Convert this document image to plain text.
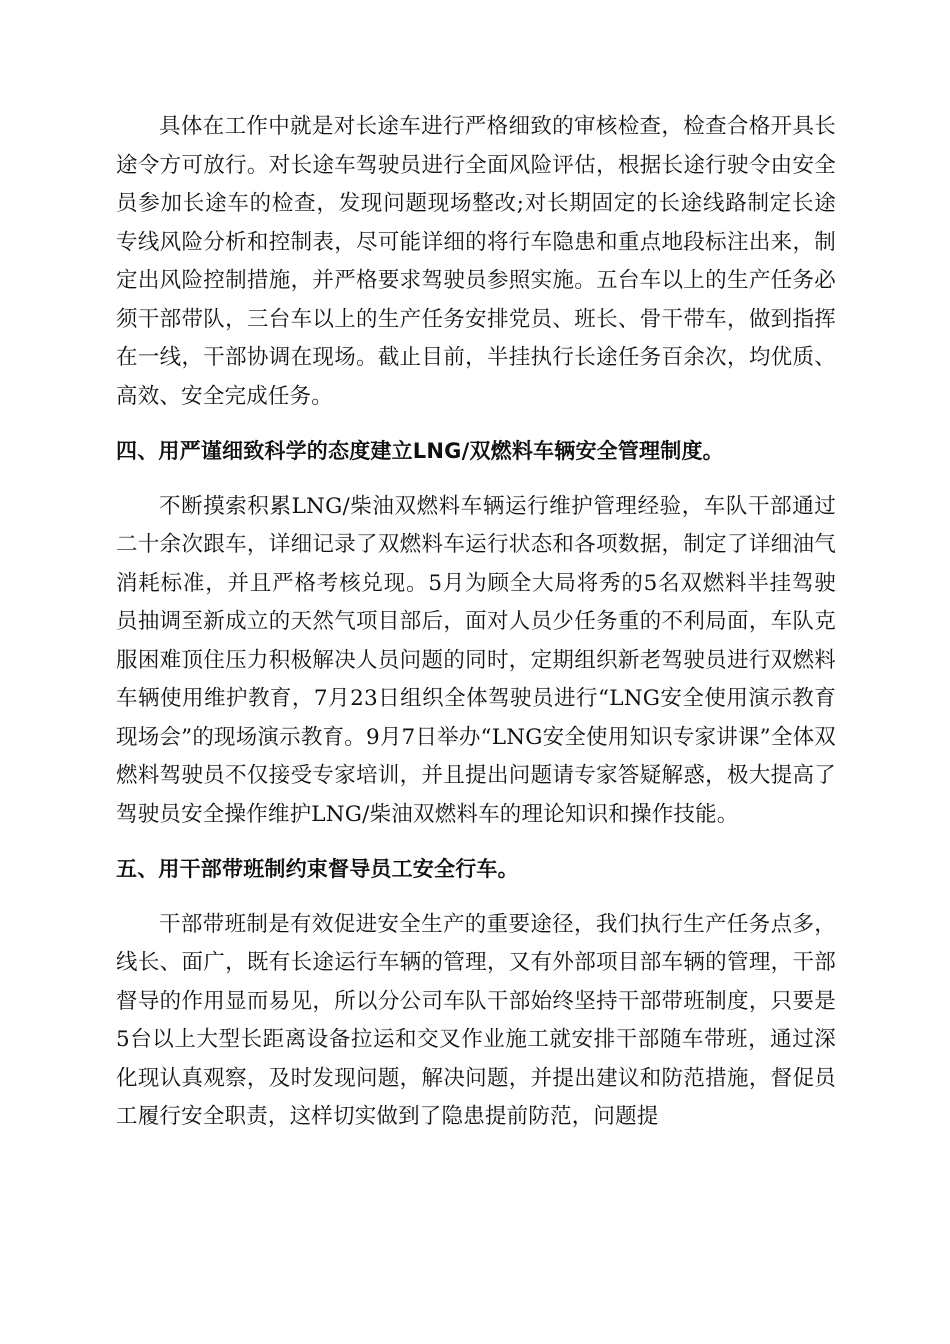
具体在工作中就是对长途车进行严格细致的审核检查，检查合格开具长途令方可放行。对长途车驾驶员进行全面风险评估，根据长途行驶令由安全员参加长途车的检查，发现问题现场整改;对长期固定的长途线路制定长途专线风险分析和控制表，尽可能详细的将行车隐患和重点地段标注出来，制定出风险控制措施，并严格要求驾驶员参照实施。五台车以上的生产任务必须干部带队，三台车以上的生产任务安排党员、班长、骨干带车，做到指挥在一线，干部协调在现场。截止目前，半挂执行长途任务百余次，均优质、高效、安全完成任务。

四、用严谨细致科学的态度建立LNG/双燃料车辆安全管理制度。

不断摸索积累LNG/柴油双燃料车辆运行维护管理经验，车队干部通过二十余次跟车，详细记录了双燃料车运行状态和各项数据，制定了详细油气消耗标准，并且严格考核兑现。5月为顾全大局将秀的5名双燃料半挂驾驶员抽调至新成立的天然气项目部后，面对人员少任务重的不利局面，车队克服困难顶住压力积极解决人员问题的同时，定期组织新老驾驶员进行双燃料车辆使用维护教育，7月23日组织全体驾驶员进行“LNG安全使用演示教育现场会”的现场演示教育。9月7日举办“LNG安全使用知识专家讲课”全体双燃料驾驶员不仅接受专家培训，并且提出问题请专家答疑解惑，极大提高了驾驶员安全操作维护LNG/柴油双燃料车的理论知识和操作技能。

五、用干部带班制约束督导员工安全行车。

干部带班制是有效促进安全生产的重要途径，我们执行生产任务点多，线长、面广，既有长途运行车辆的管理，又有外部项目部车辆的管理，干部督导的作用显而易见，所以分公司车队干部始终坚持干部带班制度，只要是5台以上大型长距离设备拉运和交叉作业施工就安排干部随车带班，通过深化现认真观察，及时发现问题，解决问题，并提出建议和防范措施，督促员工履行安全职责，这样切实做到了隐患提前防范，问题提
